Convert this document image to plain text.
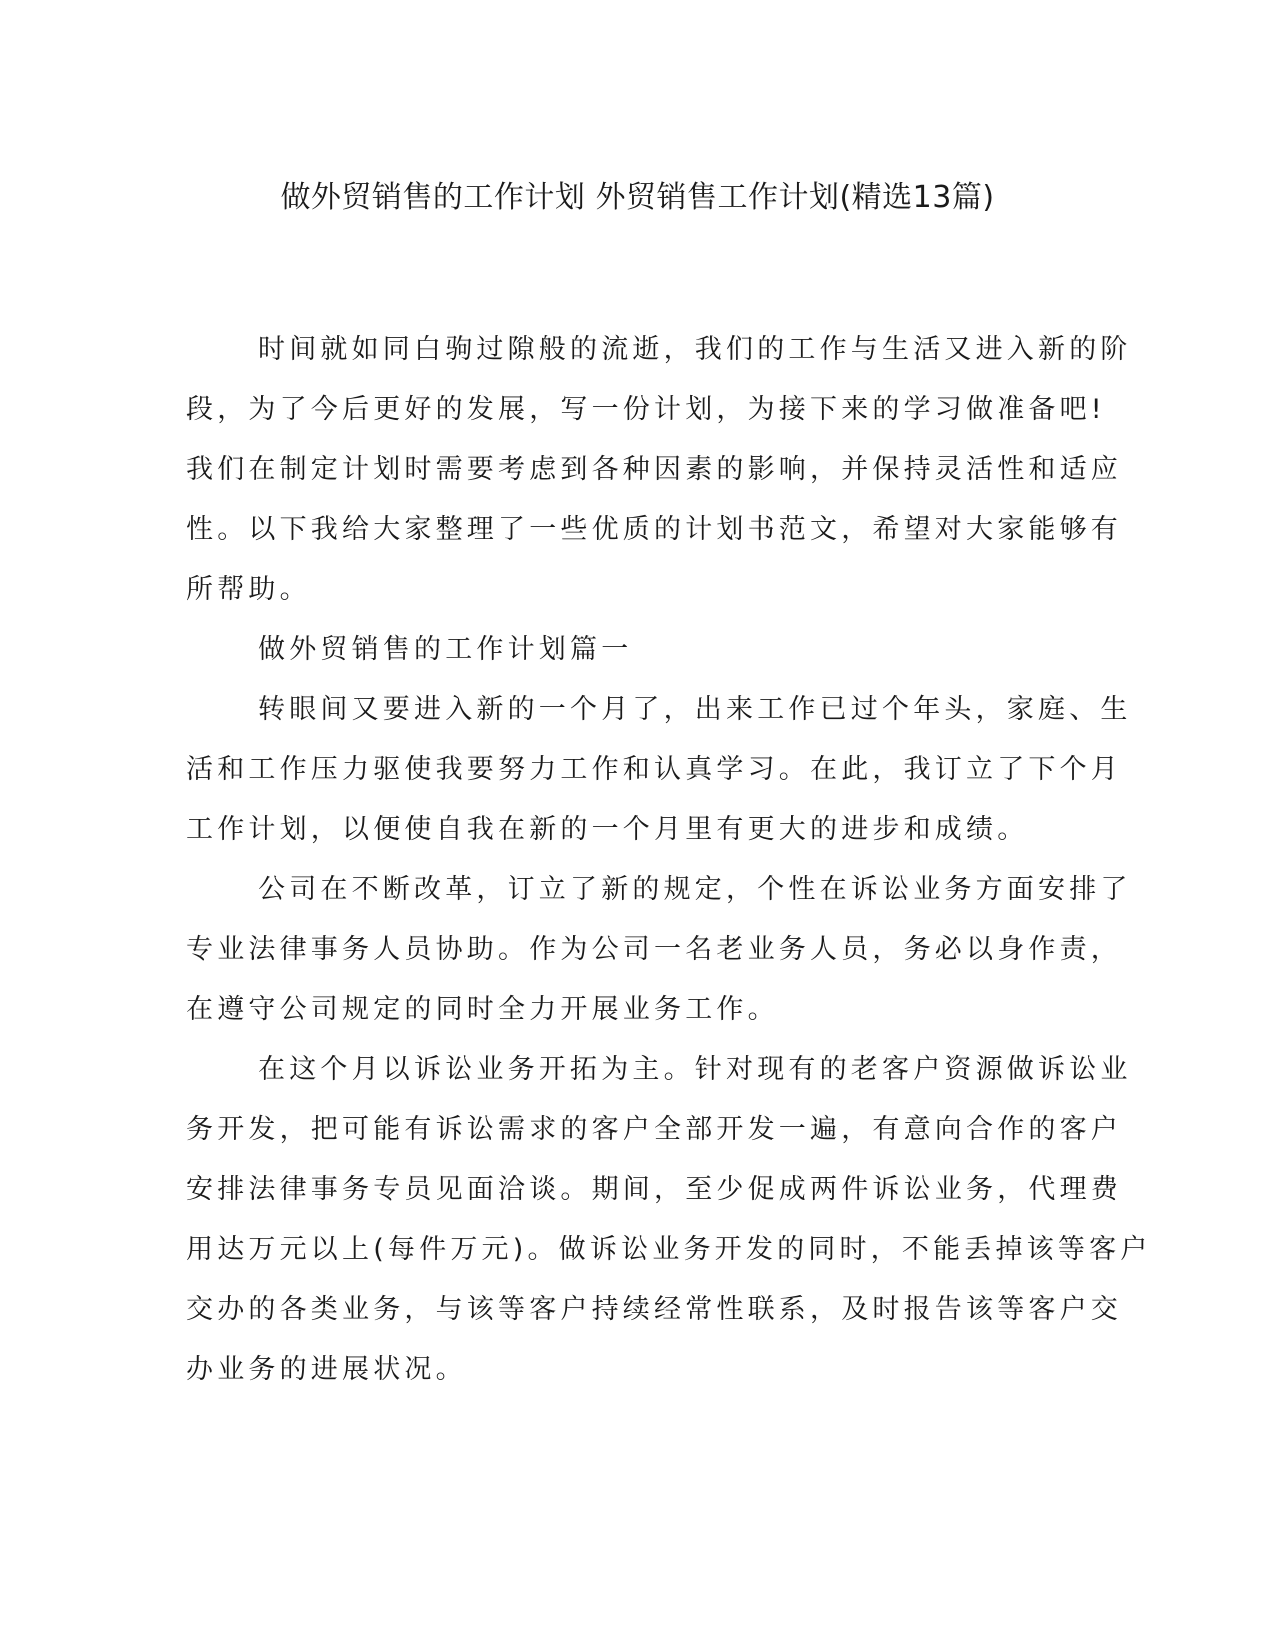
做外贸销售的工作计划 外贸销售工作计划(精选13篇)

时间就如同白驹过隙般的流逝，我们的工作与生活又进入新的阶
段，为了今后更好的发展，写一份计划，为接下来的学习做准备吧!
我们在制定计划时需要考虑到各种因素的影响，并保持灵活性和适应
性。以下我给大家整理了一些优质的计划书范文，希望对大家能够有
所帮助。

做外贸销售的工作计划篇一

转眼间又要进入新的一个月了，出来工作已过个年头，家庭、生
活和工作压力驱使我要努力工作和认真学习。在此，我订立了下个月
工作计划，以便使自我在新的一个月里有更大的进步和成绩。

公司在不断改革，订立了新的规定，个性在诉讼业务方面安排了
专业法律事务人员协助。作为公司一名老业务人员，务必以身作责，
在遵守公司规定的同时全力开展业务工作。

在这个月以诉讼业务开拓为主。针对现有的老客户资源做诉讼业
务开发，把可能有诉讼需求的客户全部开发一遍，有意向合作的客户
安排法律事务专员见面洽谈。期间，至少促成两件诉讼业务，代理费
用达万元以上(每件万元)。做诉讼业务开发的同时，不能丢掉该等客户
交办的各类业务，与该等客户持续经常性联系，及时报告该等客户交
办业务的进展状况。
